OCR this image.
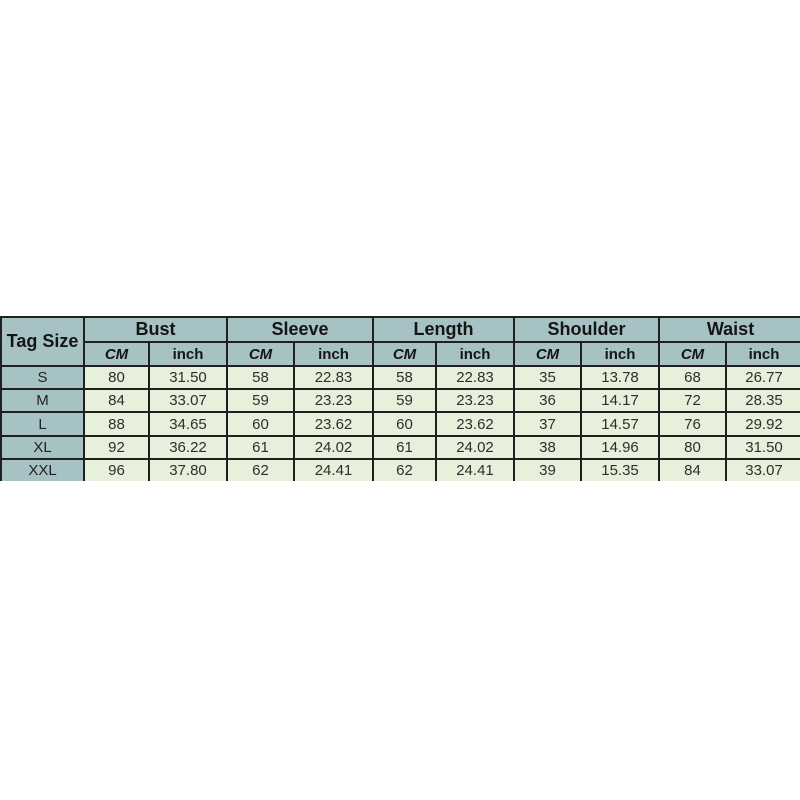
Tag Size	Bust		Sleeve		Length		Shoulder		Waist	
	CM	inch	CM	inch	CM	inch	CM	inch	CM	inch
S	80	31.50	58	22.83	58	22.83	35	13.78	68	26.77
M	84	33.07	59	23.23	59	23.23	36	14.17	72	28.35
L	88	34.65	60	23.62	60	23.62	37	14.57	76	29.92
XL	92	36.22	61	24.02	61	24.02	38	14.96	80	31.50
XXL	96	37.80	62	24.41	62	24.41	39	15.35	84	33.07
